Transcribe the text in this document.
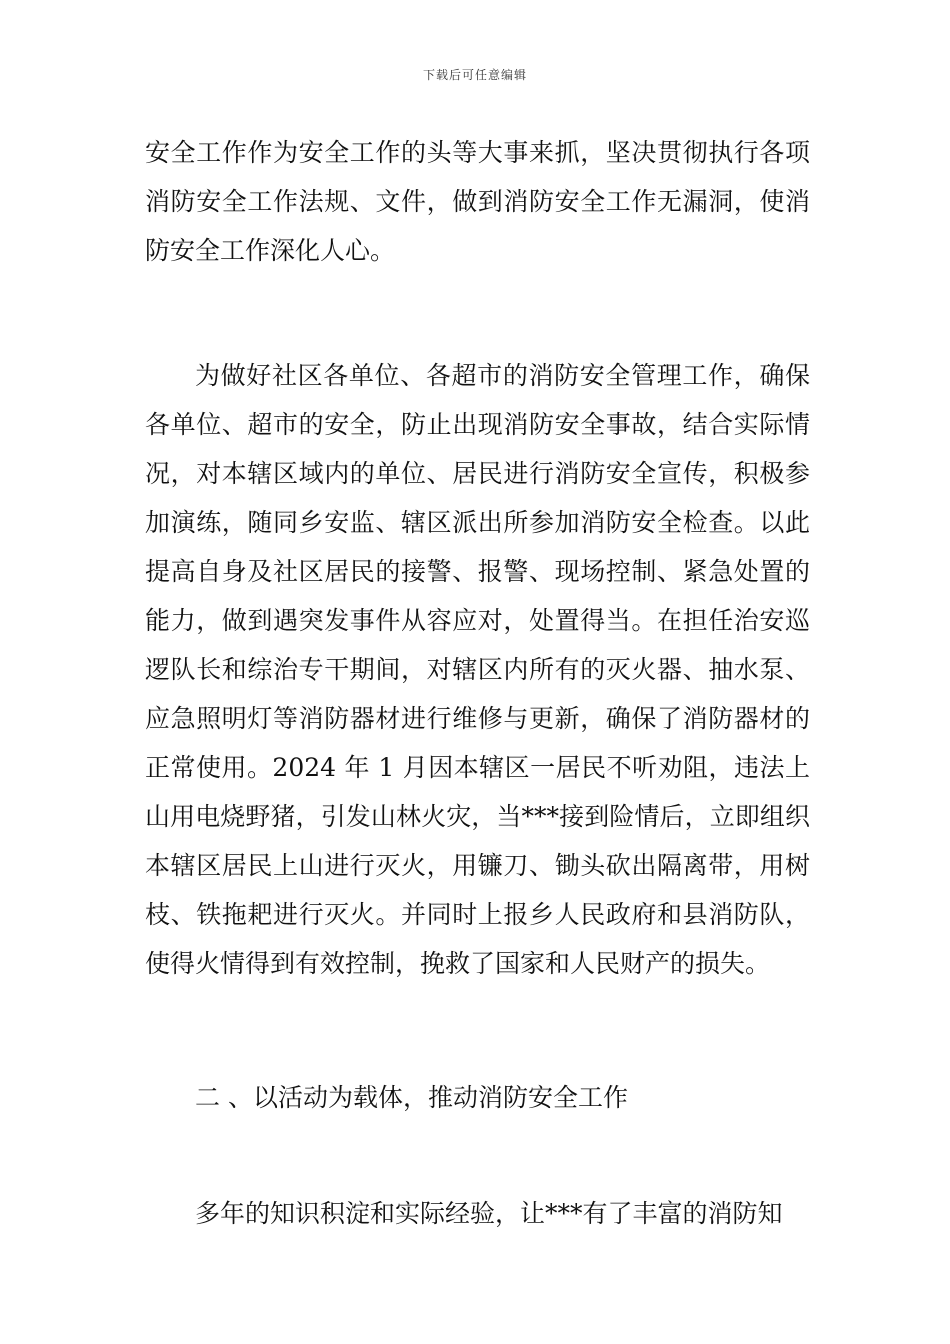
下载后可任意编辑

安全工作作为安全工作的头等大事来抓，坚决贯彻执行各项消防安全工作法规、文件，做到消防安全工作无漏洞，使消防安全工作深化人心。

为做好社区各单位、各超市的消防安全管理工作，确保各单位、超市的安全，防止出现消防安全事故，结合实际情况，对本辖区域内的单位、居民进行消防安全宣传，积极参加演练，随同乡安监、辖区派出所参加消防安全检查。以此提高自身及社区居民的接警、报警、现场控制、紧急处置的能力，做到遇突发事件从容应对，处置得当。在担任治安巡逻队长和综治专干期间，对辖区内所有的灭火器、抽水泵、应急照明灯等消防器材进行维修与更新，确保了消防器材的正常使用。2024 年 1 月因本辖区一居民不听劝阻，违法上山用电烧野猪，引发山林火灾，当***接到险情后，立即组织本辖区居民上山进行灭火，用镰刀、锄头砍出隔离带，用树枝、铁拖耙进行灭火。并同时上报乡人民政府和县消防队，使得火情得到有效控制，挽救了国家和人民财产的损失。

二 、以活动为载体，推动消防安全工作

多年的知识积淀和实际经验，让***有了丰富的消防知
